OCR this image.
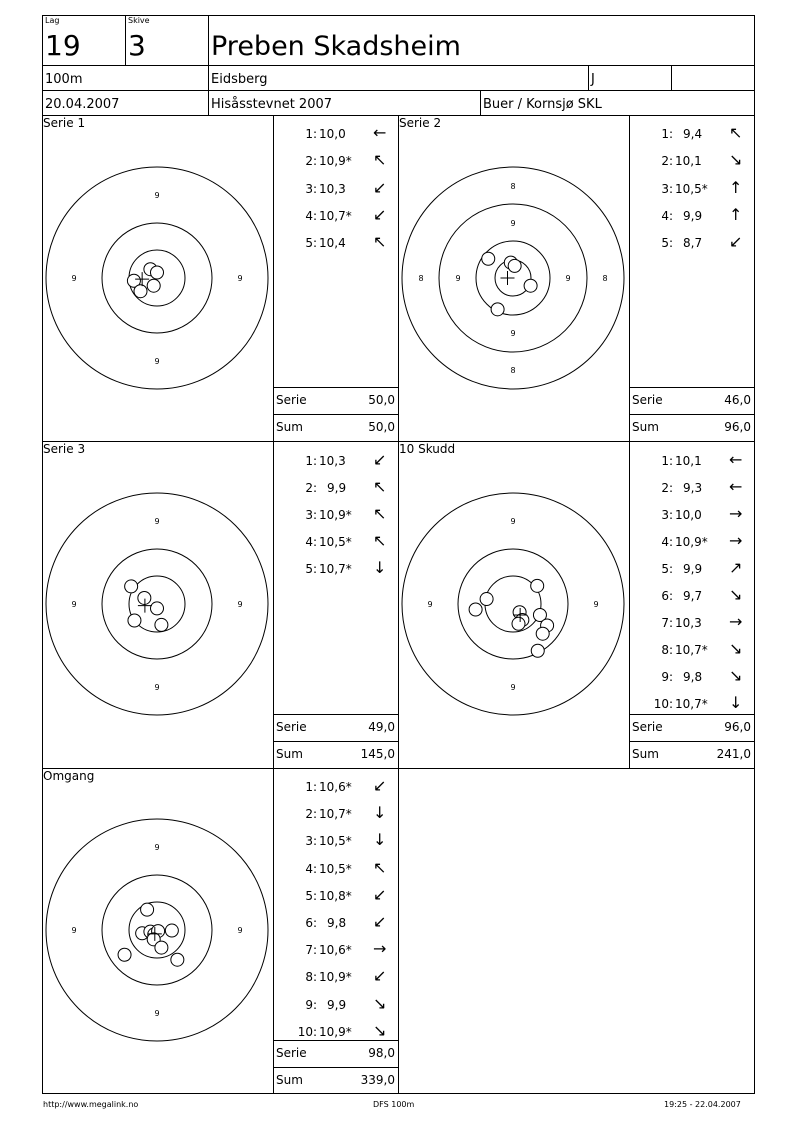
Lag
19
Skive
3 Preben Skadsheim
100m	Eidsberg	J
20.04.2007	Hisåsstevnet 2007	Buer / Kornsjø SKL
Serie 1
9
9
9	9
1: 10,0	←
2: 10,9* ↖
3: 10,3	↙
4: 10,7* ↙
5: 10,4	↖
Serie	50,0
Sum	50,0
Serie 2
8
8
8	8
9
9
9	9
1: 9,4	↖
2: 10,1	↘
3: 10,5* ↑
4: 9,9	↑
5: 8,7	↙
Serie	46,0
Sum	96,0
Serie 3
9
9
9	9
1: 10,3	↙
2: 9,9	↖
3: 10,9* ↖
4: 10,5* ↖
5: 10,7* ↓
Serie	49,0
Sum	145,0
10 Skudd
9
9
9	9
1: 10,1	←
2: 9,3	←
3: 10,0	→
4: 10,9* →
5: 9,9	↗
6: 9,7	↘
7: 10,3	→
8: 10,7* ↘
9: 9,8	↘
10: 10,7* ↓
Serie	96,0
Sum	241,0
Omgang
9
9
9	9
1: 10,6* ↙
2: 10,7* ↓
3: 10,5* ↓
4: 10,5* ↖
5: 10,8* ↙
6: 9,8	↙
7: 10,6* →
8: 10,9* ↙
9: 9,9	↘
10: 10,9* ↘
Serie	98,0
Sum	339,0
http://www.megalink.no	DFS 100m	19:25 - 22.04.2007
